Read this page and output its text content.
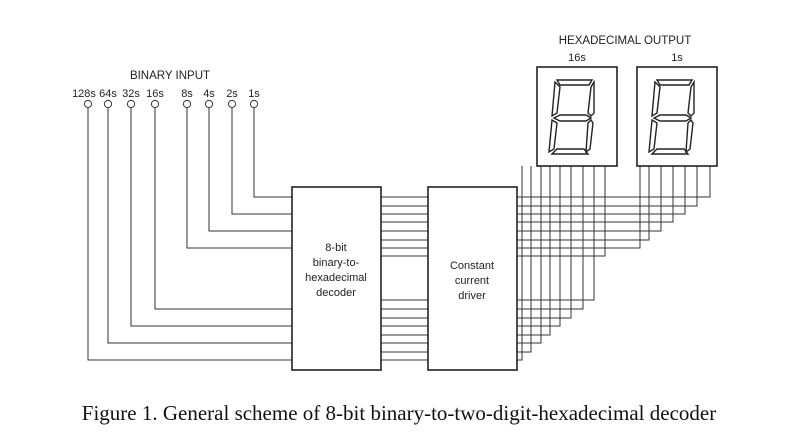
BINARY INPUT
128s 64s 32s 16s 8s 4s 2s 1s
8-bit
binary-to-
hexadecimal
decoder
Constant
current
driver
HEXADECIMAL OUTPUT
16s	1s
Figure 1. General scheme of 8-bit binary-to-two-digit-hexadecimal decoder
